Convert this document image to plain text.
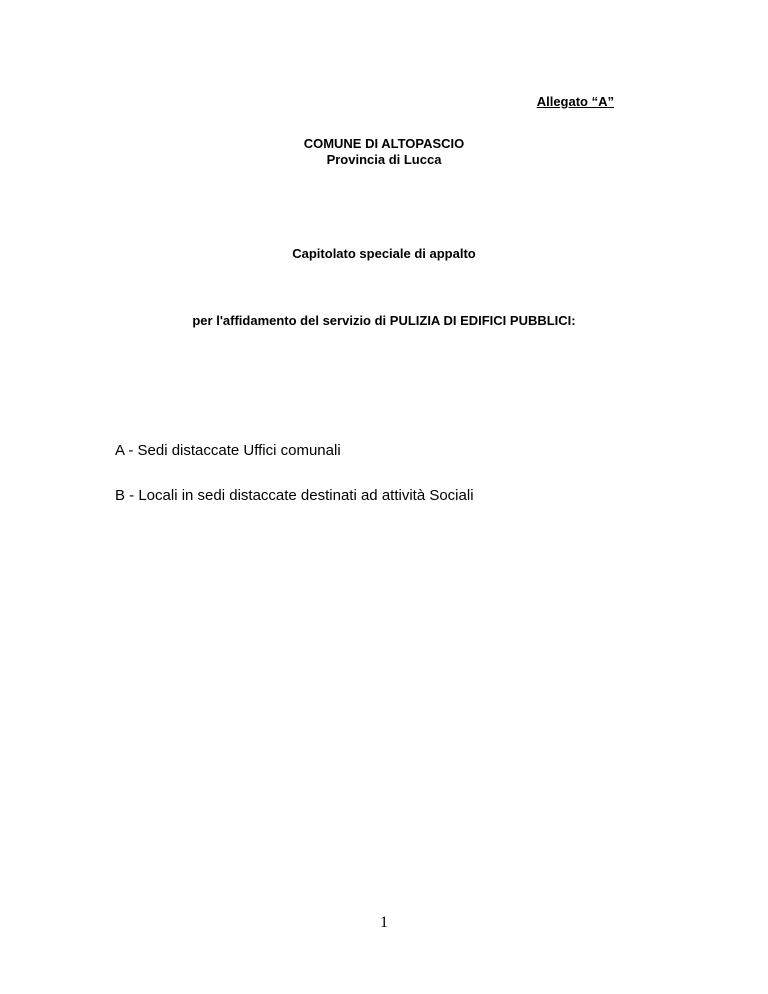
Allegato “A”
COMUNE DI ALTOPASCIO
Provincia di Lucca
Capitolato speciale di appalto
per l'affidamento del servizio di PULIZIA DI EDIFICI PUBBLICI:
A - Sedi distaccate Uffici comunali
B - Locali in sedi distaccate destinati ad attività Sociali
1
